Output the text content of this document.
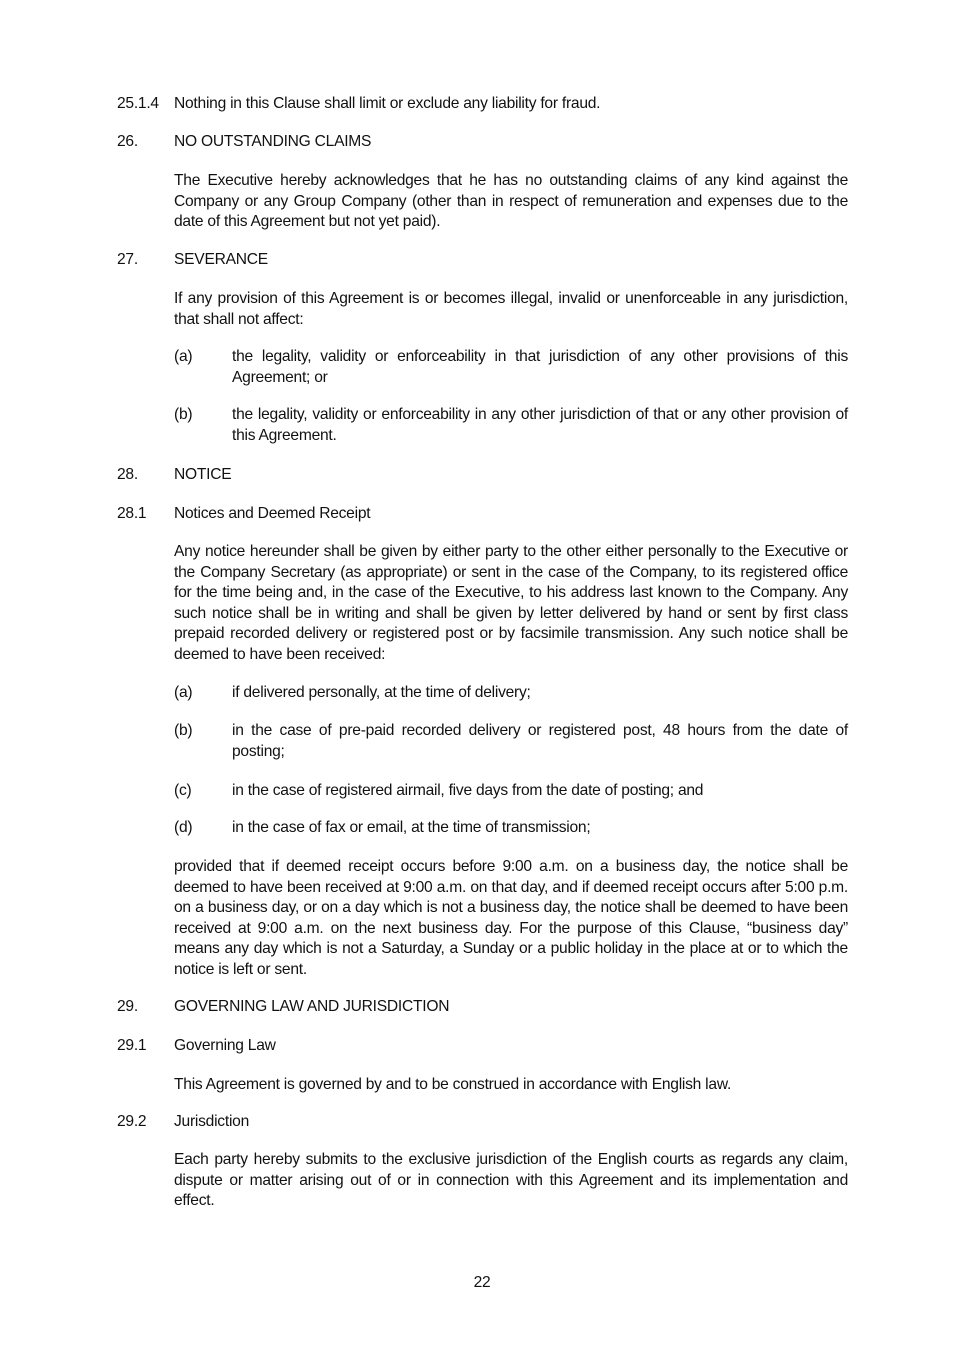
25.1.4 Nothing in this Clause shall limit or exclude any liability for fraud.
26. NO OUTSTANDING CLAIMS
The Executive hereby acknowledges that he has no outstanding claims of any kind against the Company or any Group Company (other than in respect of remuneration and expenses due to the date of this Agreement but not yet paid).
27. SEVERANCE
If any provision of this Agreement is or becomes illegal, invalid or unenforceable in any jurisdiction, that shall not affect:
(a)	the legality, validity or enforceability in that jurisdiction of any other provisions of this Agreement; or
(b)	the legality, validity or enforceability in any other jurisdiction of that or any other provision of this Agreement.
28. NOTICE
28.1 Notices and Deemed Receipt
Any notice hereunder shall be given by either party to the other either personally to the Executive or the Company Secretary (as appropriate) or sent in the case of the Company, to its registered office for the time being and, in the case of the Executive, to his address last known to the Company. Any such notice shall be in writing and shall be given by letter delivered by hand or sent by first class prepaid recorded delivery or registered post or by facsimile transmission. Any such notice shall be deemed to have been received:
(a)	if delivered personally, at the time of delivery;
(b)	in the case of pre-paid recorded delivery or registered post, 48 hours from the date of posting;
(c)	in the case of registered airmail, five days from the date of posting; and
(d)	in the case of fax or email, at the time of transmission;
provided that if deemed receipt occurs before 9:00 a.m. on a business day, the notice shall be deemed to have been received at 9:00 a.m. on that day, and if deemed receipt occurs after 5:00 p.m. on a business day, or on a day which is not a business day, the notice shall be deemed to have been received at 9:00 a.m. on the next business day. For the purpose of this Clause, “business day” means any day which is not a Saturday, a Sunday or a public holiday in the place at or to which the notice is left or sent.
29. GOVERNING LAW AND JURISDICTION
29.1 Governing Law
This Agreement is governed by and to be construed in accordance with English law.
29.2 Jurisdiction
Each party hereby submits to the exclusive jurisdiction of the English courts as regards any claim, dispute or matter arising out of or in connection with this Agreement and its implementation and effect.
22
